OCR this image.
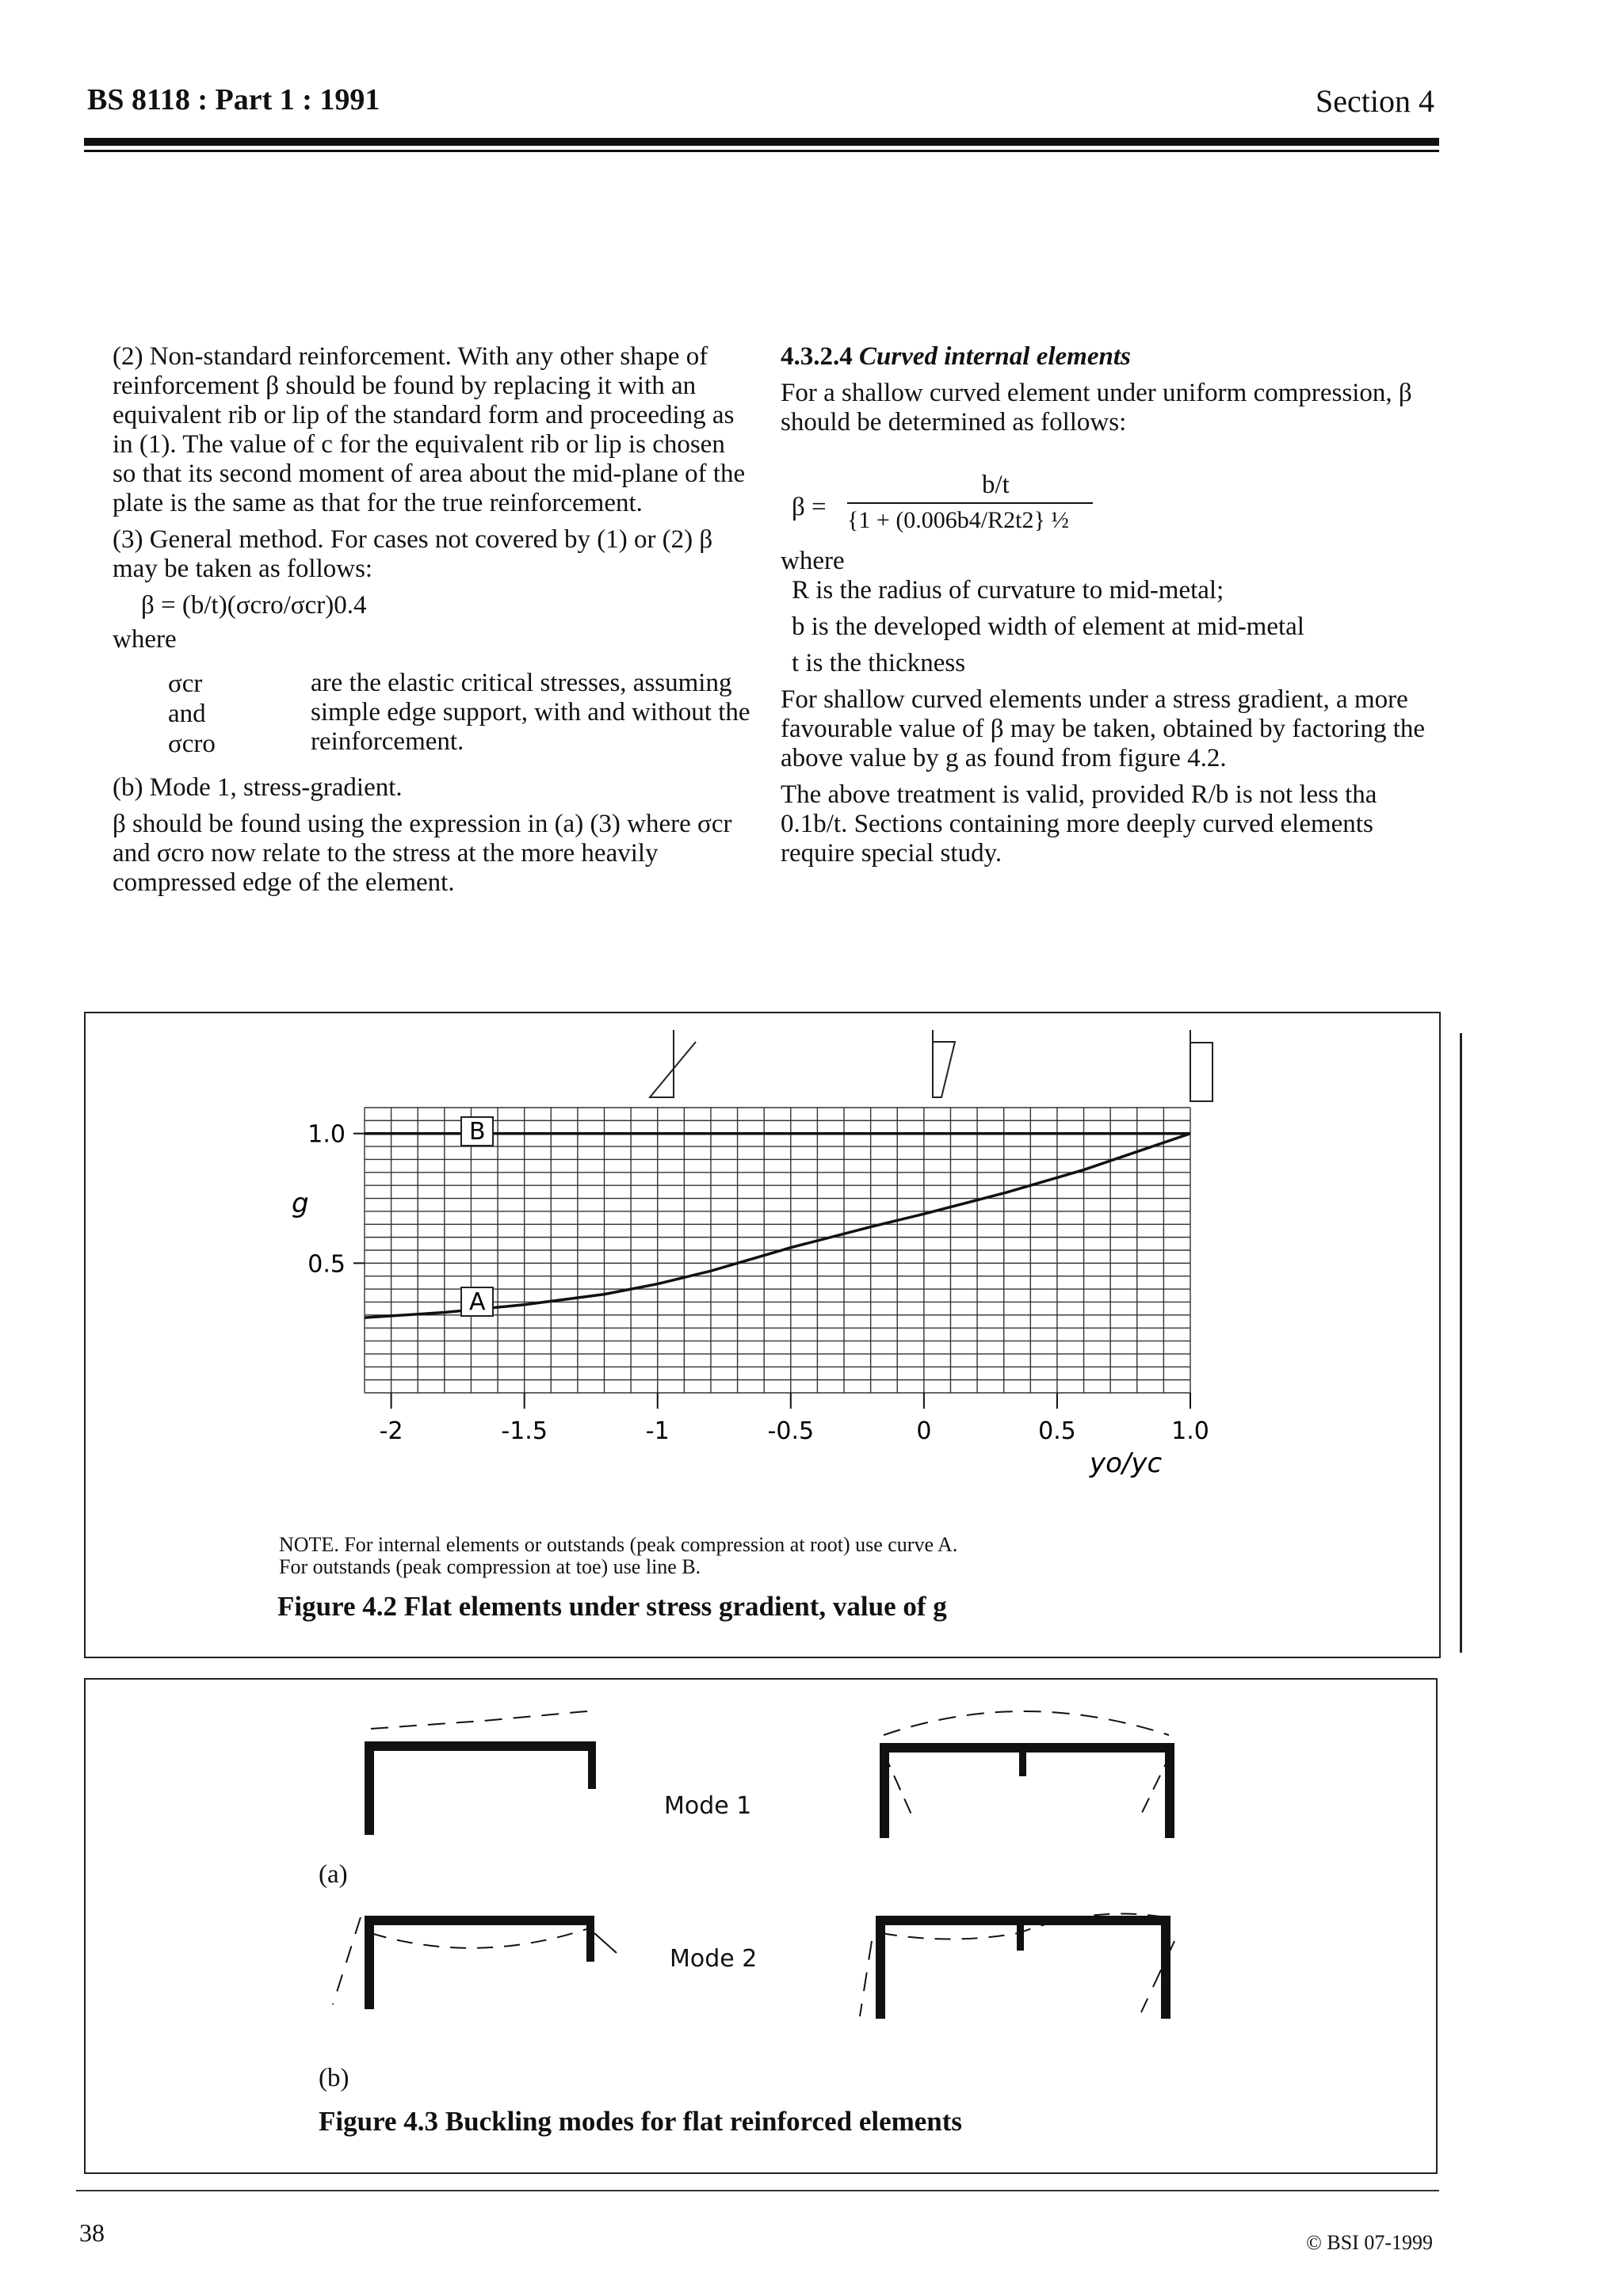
BS 8118 : Part 1 : 1991	Section 4

(2) Non-standard reinforcement. With any other shape of reinforcement β should be found by replacing it with an equivalent rib or lip of the standard form and proceeding as in (1). The value of c for the equivalent rib or lip is chosen so that its second moment of area about the mid-plane of the plate is the same as that for the true reinforcement.

(3) General method. For cases not covered by (1) or (2) β may be taken as follows:

β = (b/t)(σcro/σcr)0.4
where
σcr
and
σcro
are the elastic critical stresses, assuming simple edge support, with and without the reinforcement.

(b) Mode 1, stress-gradient.

β should be found using the expression in (a) (3) where σcr and σcro now relate to the stress at the more heavily compressed edge of the element.

4.3.2.4 Curved internal elements

For a shallow curved element under uniform compression, β should be determined as follows:

β =
b/t
{1 + (0.006b4/R2t2} ½
where

R is the radius of curvature to mid-metal;

b is the developed width of element at mid-metal

t is the thickness

For shallow curved elements under a stress gradient, a more favourable value of β may be taken, obtained by factoring the above value by g as found from figure 4.2.

The above treatment is valid, provided R/b is not less tha 0.1b/t. Sections containing more deeply curved elements require special study.

-2	-1.5	-1	-0.5	0	0.5	1.0
1.0
0.5
B
A
g
yo/yc
NOTE. For internal elements or outstands (peak compression at root) use curve A.
For outstands (peak compression at toe) use line B.
Figure 4.2 Flat elements under stress gradient, value of g
Mode 1
Mode 2
(a)
(b)
Figure 4.3 Buckling modes for flat reinforced elements
38	© BSI 07-1999
